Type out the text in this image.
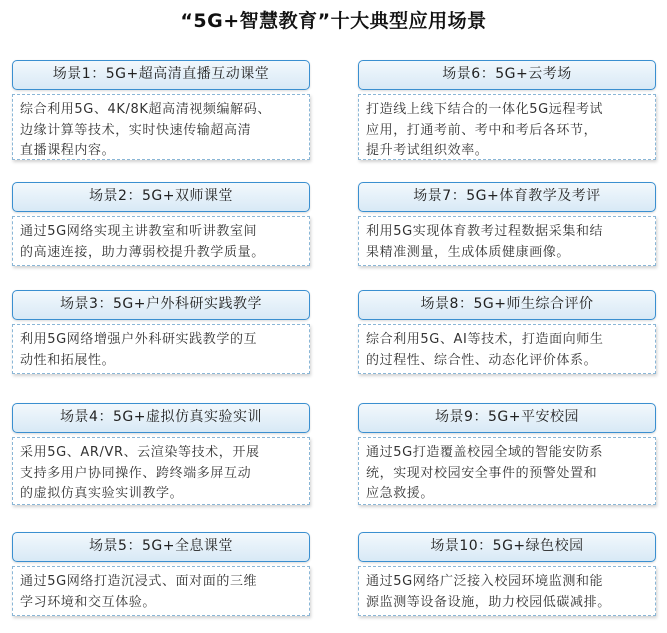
“5G+智慧教育”十大典型应用场景
场景1：5G+超高清直播互动课堂
综合利用5G、4K/8K超高清视频编解码、
边缘计算等技术，实时快速传输超高清
直播课程内容。
场景2：5G+双师课堂
通过5G网络实现主讲教室和听讲教室间
的高速连接，助力薄弱校提升教学质量。
场景3：5G+户外科研实践教学
利用5G网络增强户外科研实践教学的互
动性和拓展性。
场景4：5G+虚拟仿真实验实训
采用5G、AR/VR、云渲染等技术，开展
支持多用户协同操作、跨终端多屏互动
的虚拟仿真实验实训教学。
场景5：5G+全息课堂
通过5G网络打造沉浸式、面对面的三维
学习环境和交互体验。
场景6：5G+云考场
打造线上线下结合的一体化5G远程考试
应用，打通考前、考中和考后各环节，
提升考试组织效率。
场景7：5G+体育教学及考评
利用5G实现体育教考过程数据采集和结
果精准测量，生成体质健康画像。
场景8：5G+师生综合评价
综合利用5G、AI等技术，打造面向师生
的过程性、综合性、动态化评价体系。
场景9：5G+平安校园
通过5G打造覆盖校园全域的智能安防系
统，实现对校园安全事件的预警处置和
应急救援。
场景10：5G+绿色校园
通过5G网络广泛接入校园环境监测和能
源监测等设备设施，助力校园低碳减排。
